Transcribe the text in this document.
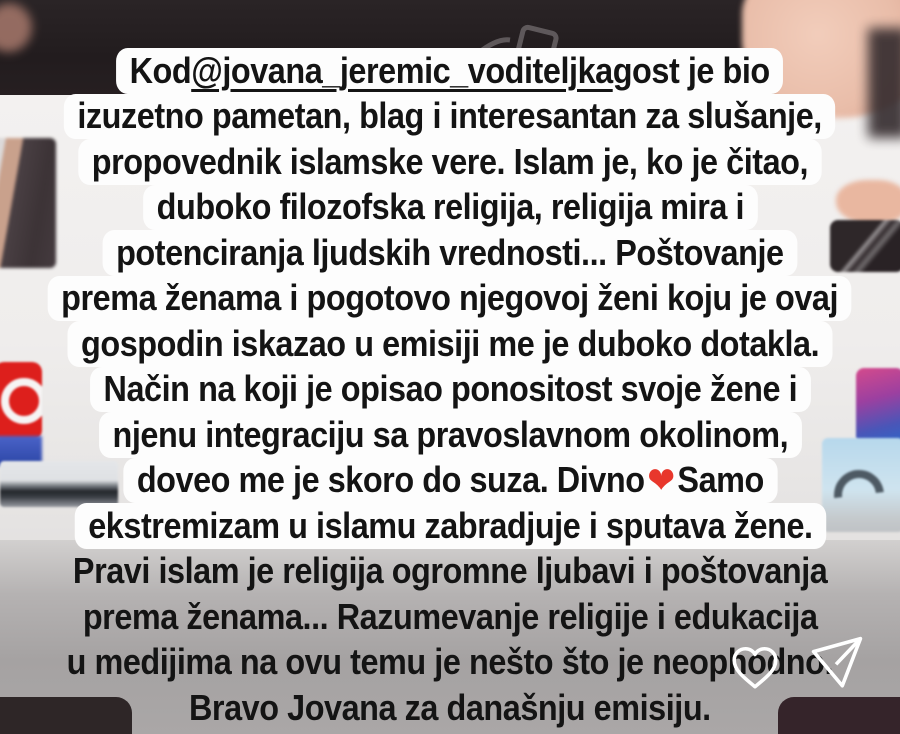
Kod @jovana_jeremic_voditeljka gost je bio
izuzetno pametan, blag i interesantan za slušanje,
propovednik islamske vere. Islam je, ko je čitao,
duboko filozofska religija, religija mira i
potenciranja ljudskih vrednosti... Poštovanje
prema ženama i pogotovo njegovoj ženi koju je ovaj
gospodin iskazao u emisiji me je duboko dotakla.
Način na koji je opisao ponositost svoje žene i
njenu integraciju sa pravoslavnom okolinom,
doveo me je skoro do suza. Divno ❤ Samo
ekstremizam u islamu zabradjuje i sputava žene.
Pravi islam je religija ogromne ljubavi i poštovanja
prema ženama... Razumevanje religije i edukacija
u medijima na ovu temu je nešto što je neophodno.
Bravo Jovana za današnju emisiju.
